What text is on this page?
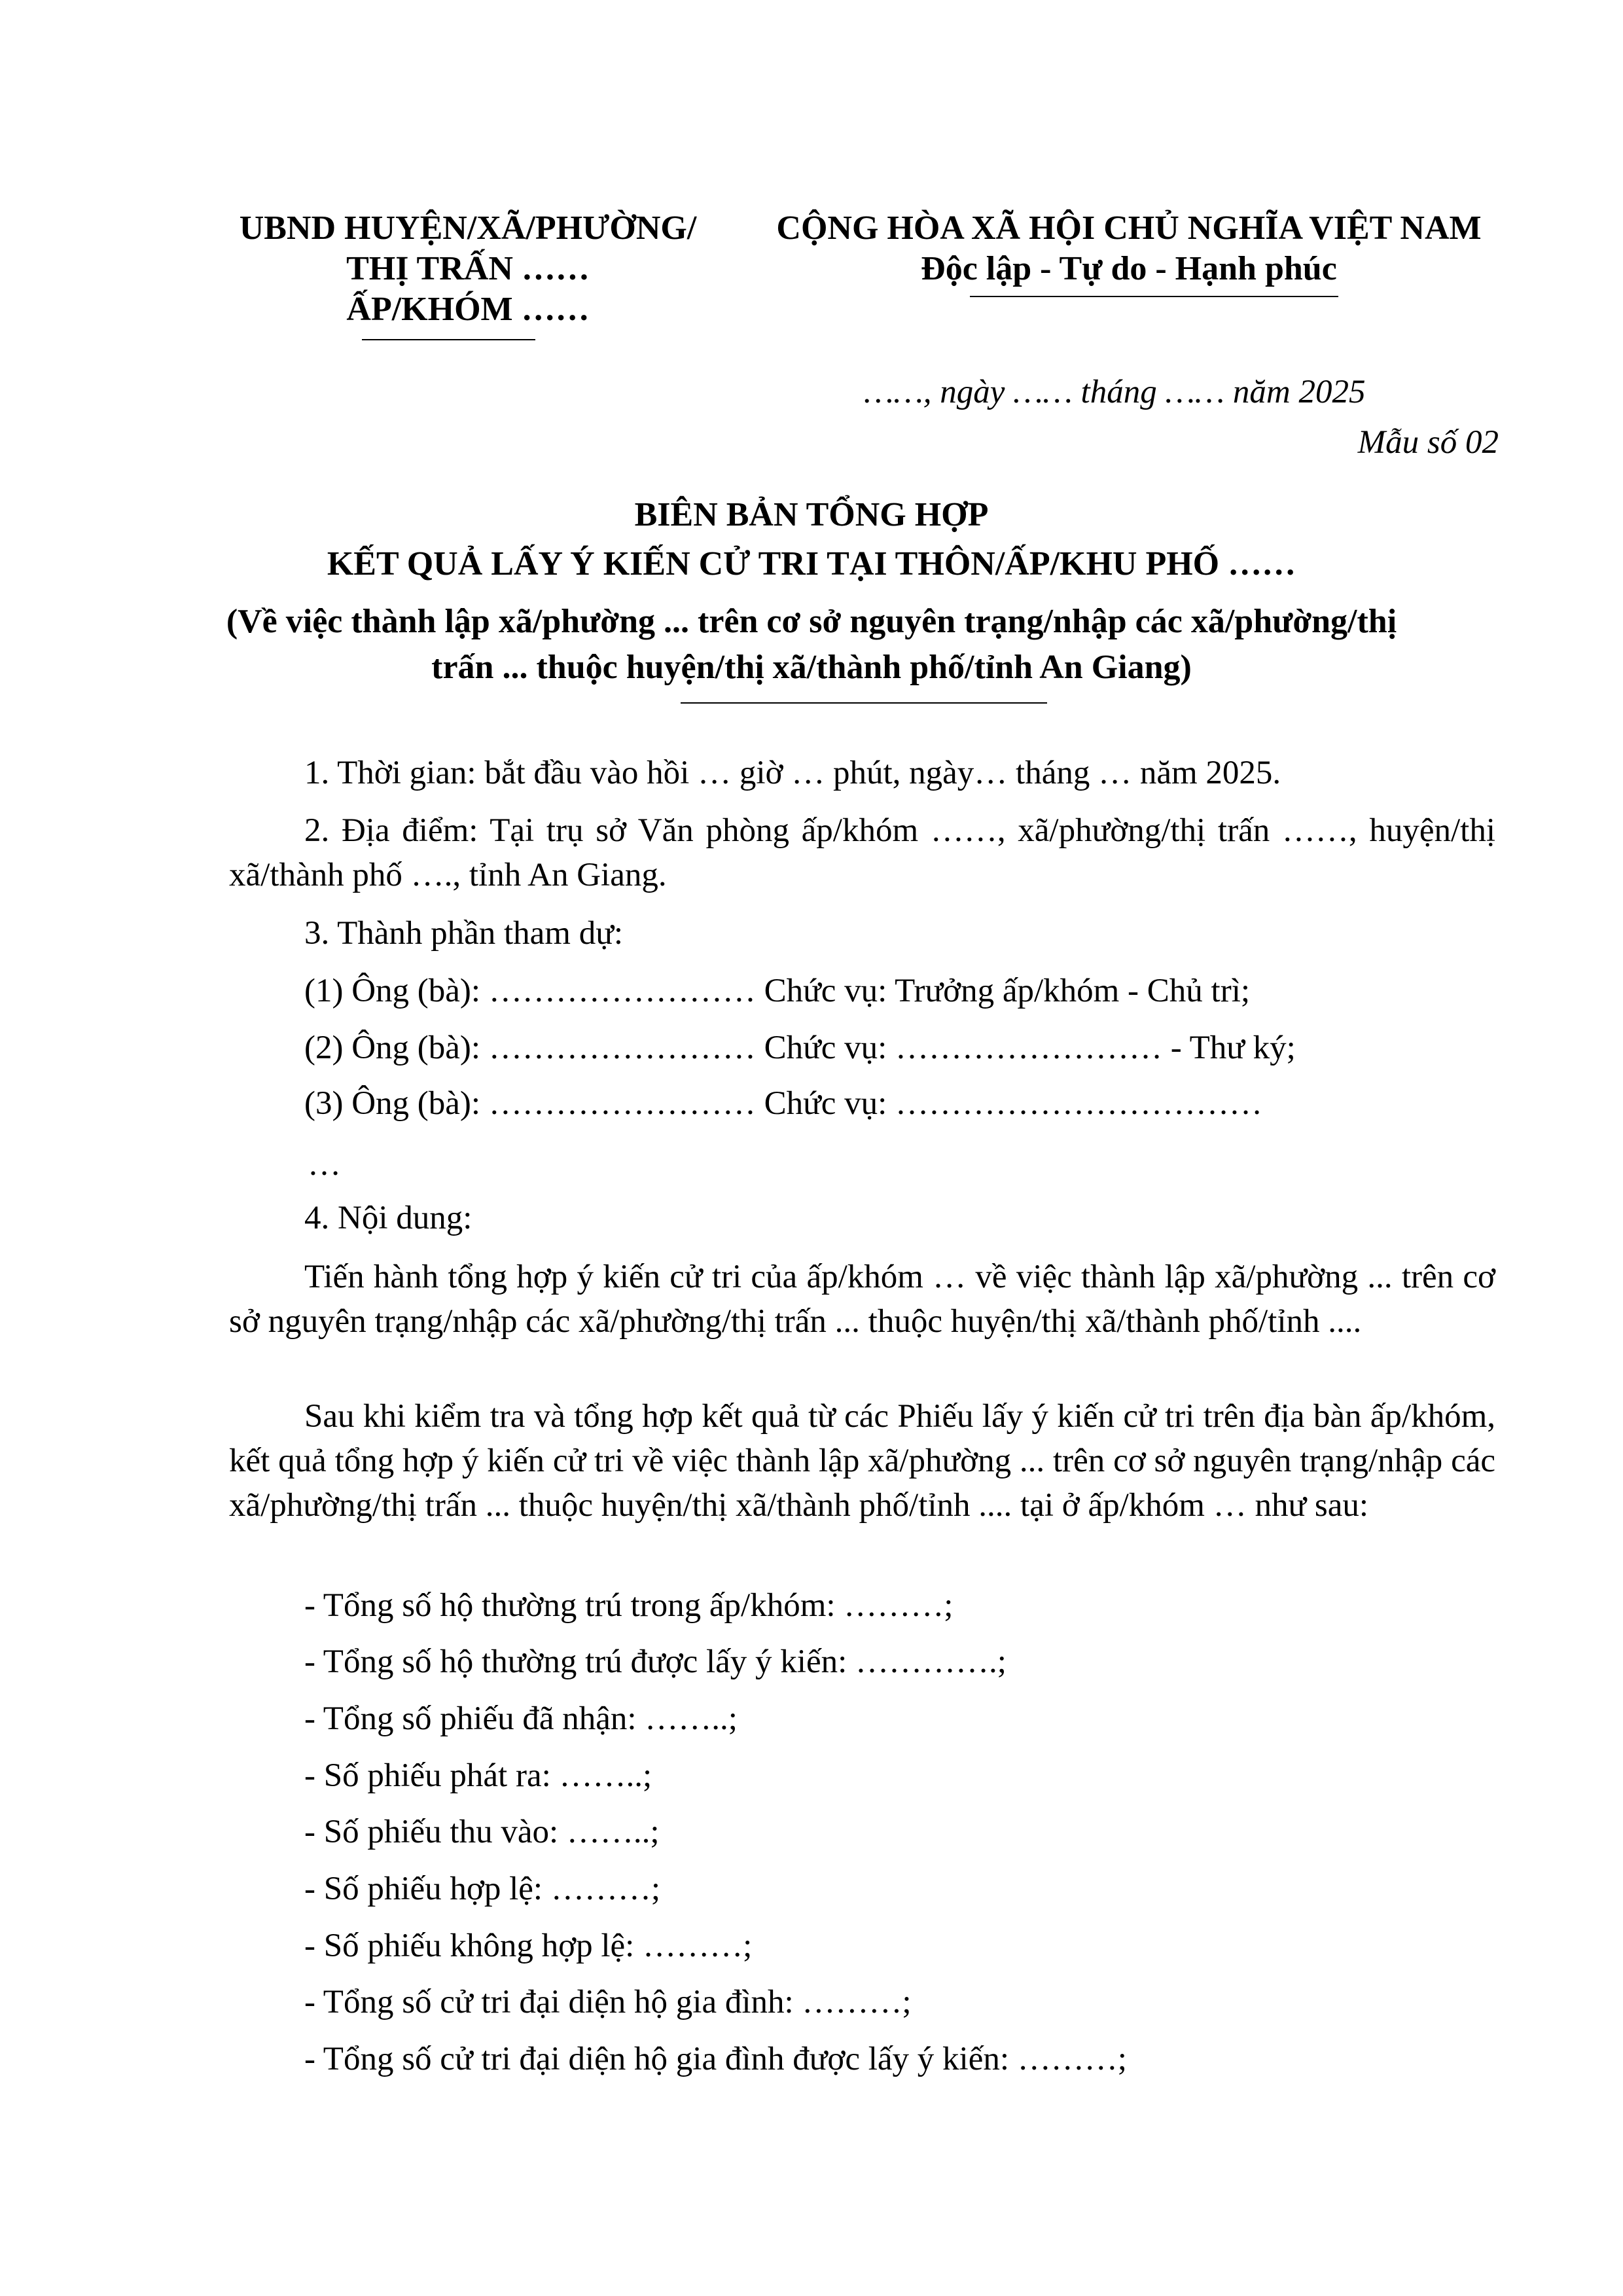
UBND HUYỆN/XÃ/PHƯỜNG/
THỊ TRẤN ……
ẤP/KHÓM ……
CỘNG HÒA XÃ HỘI CHỦ NGHĨA VIỆT NAM
Độc lập - Tự do - Hạnh phúc
……, ngày …… tháng …… năm 2025
Mẫu số 02
BIÊN BẢN TỔNG HỢP
KẾT QUẢ LẤY Ý KIẾN CỬ TRI TẠI THÔN/ẤP/KHU PHỐ ……
(Về việc thành lập xã/phường ... trên cơ sở nguyên trạng/nhập các xã/phường/thị
trấn ... thuộc huyện/thị xã/thành phố/tỉnh An Giang)
1. Thời gian: bắt đầu vào hồi … giờ … phút, ngày… tháng … năm 2025.
2. Địa điểm: Tại trụ sở Văn phòng ấp/khóm ……, xã/phường/thị trấn ……, huyện/thị xã/thành phố …., tỉnh An Giang.
3. Thành phần tham dự:
(1) Ông (bà): …………………… Chức vụ: Trưởng ấp/khóm - Chủ trì;
(2) Ông (bà): …………………… Chức vụ: …………………… - Thư ký;
(3) Ông (bà): …………………… Chức vụ: ……………………………
…
4. Nội dung:
Tiến hành tổng hợp ý kiến cử tri của ấp/khóm … về việc thành lập xã/phường ... trên cơ sở nguyên trạng/nhập các xã/phường/thị trấn ... thuộc huyện/thị xã/thành phố/tỉnh ....
Sau khi kiểm tra và tổng hợp kết quả từ các Phiếu lấy ý kiến cử tri trên địa bàn ấp/khóm, kết quả tổng hợp ý kiến cử tri về việc thành lập xã/phường ... trên cơ sở nguyên trạng/nhập các xã/phường/thị trấn ... thuộc huyện/thị xã/thành phố/tỉnh .... tại ở ấp/khóm … như sau:
- Tổng số hộ thường trú trong ấp/khóm: ………;
- Tổng số hộ thường trú được lấy ý kiến: ………….;
- Tổng số phiếu đã nhận: ……..;
- Số phiếu phát ra: ……..;
- Số phiếu thu vào: ……..;
- Số phiếu hợp lệ: ………;
- Số phiếu không hợp lệ: ………;
- Tổng số cử tri đại diện hộ gia đình: ………;
- Tổng số cử tri đại diện hộ gia đình được lấy ý kiến: ………;
